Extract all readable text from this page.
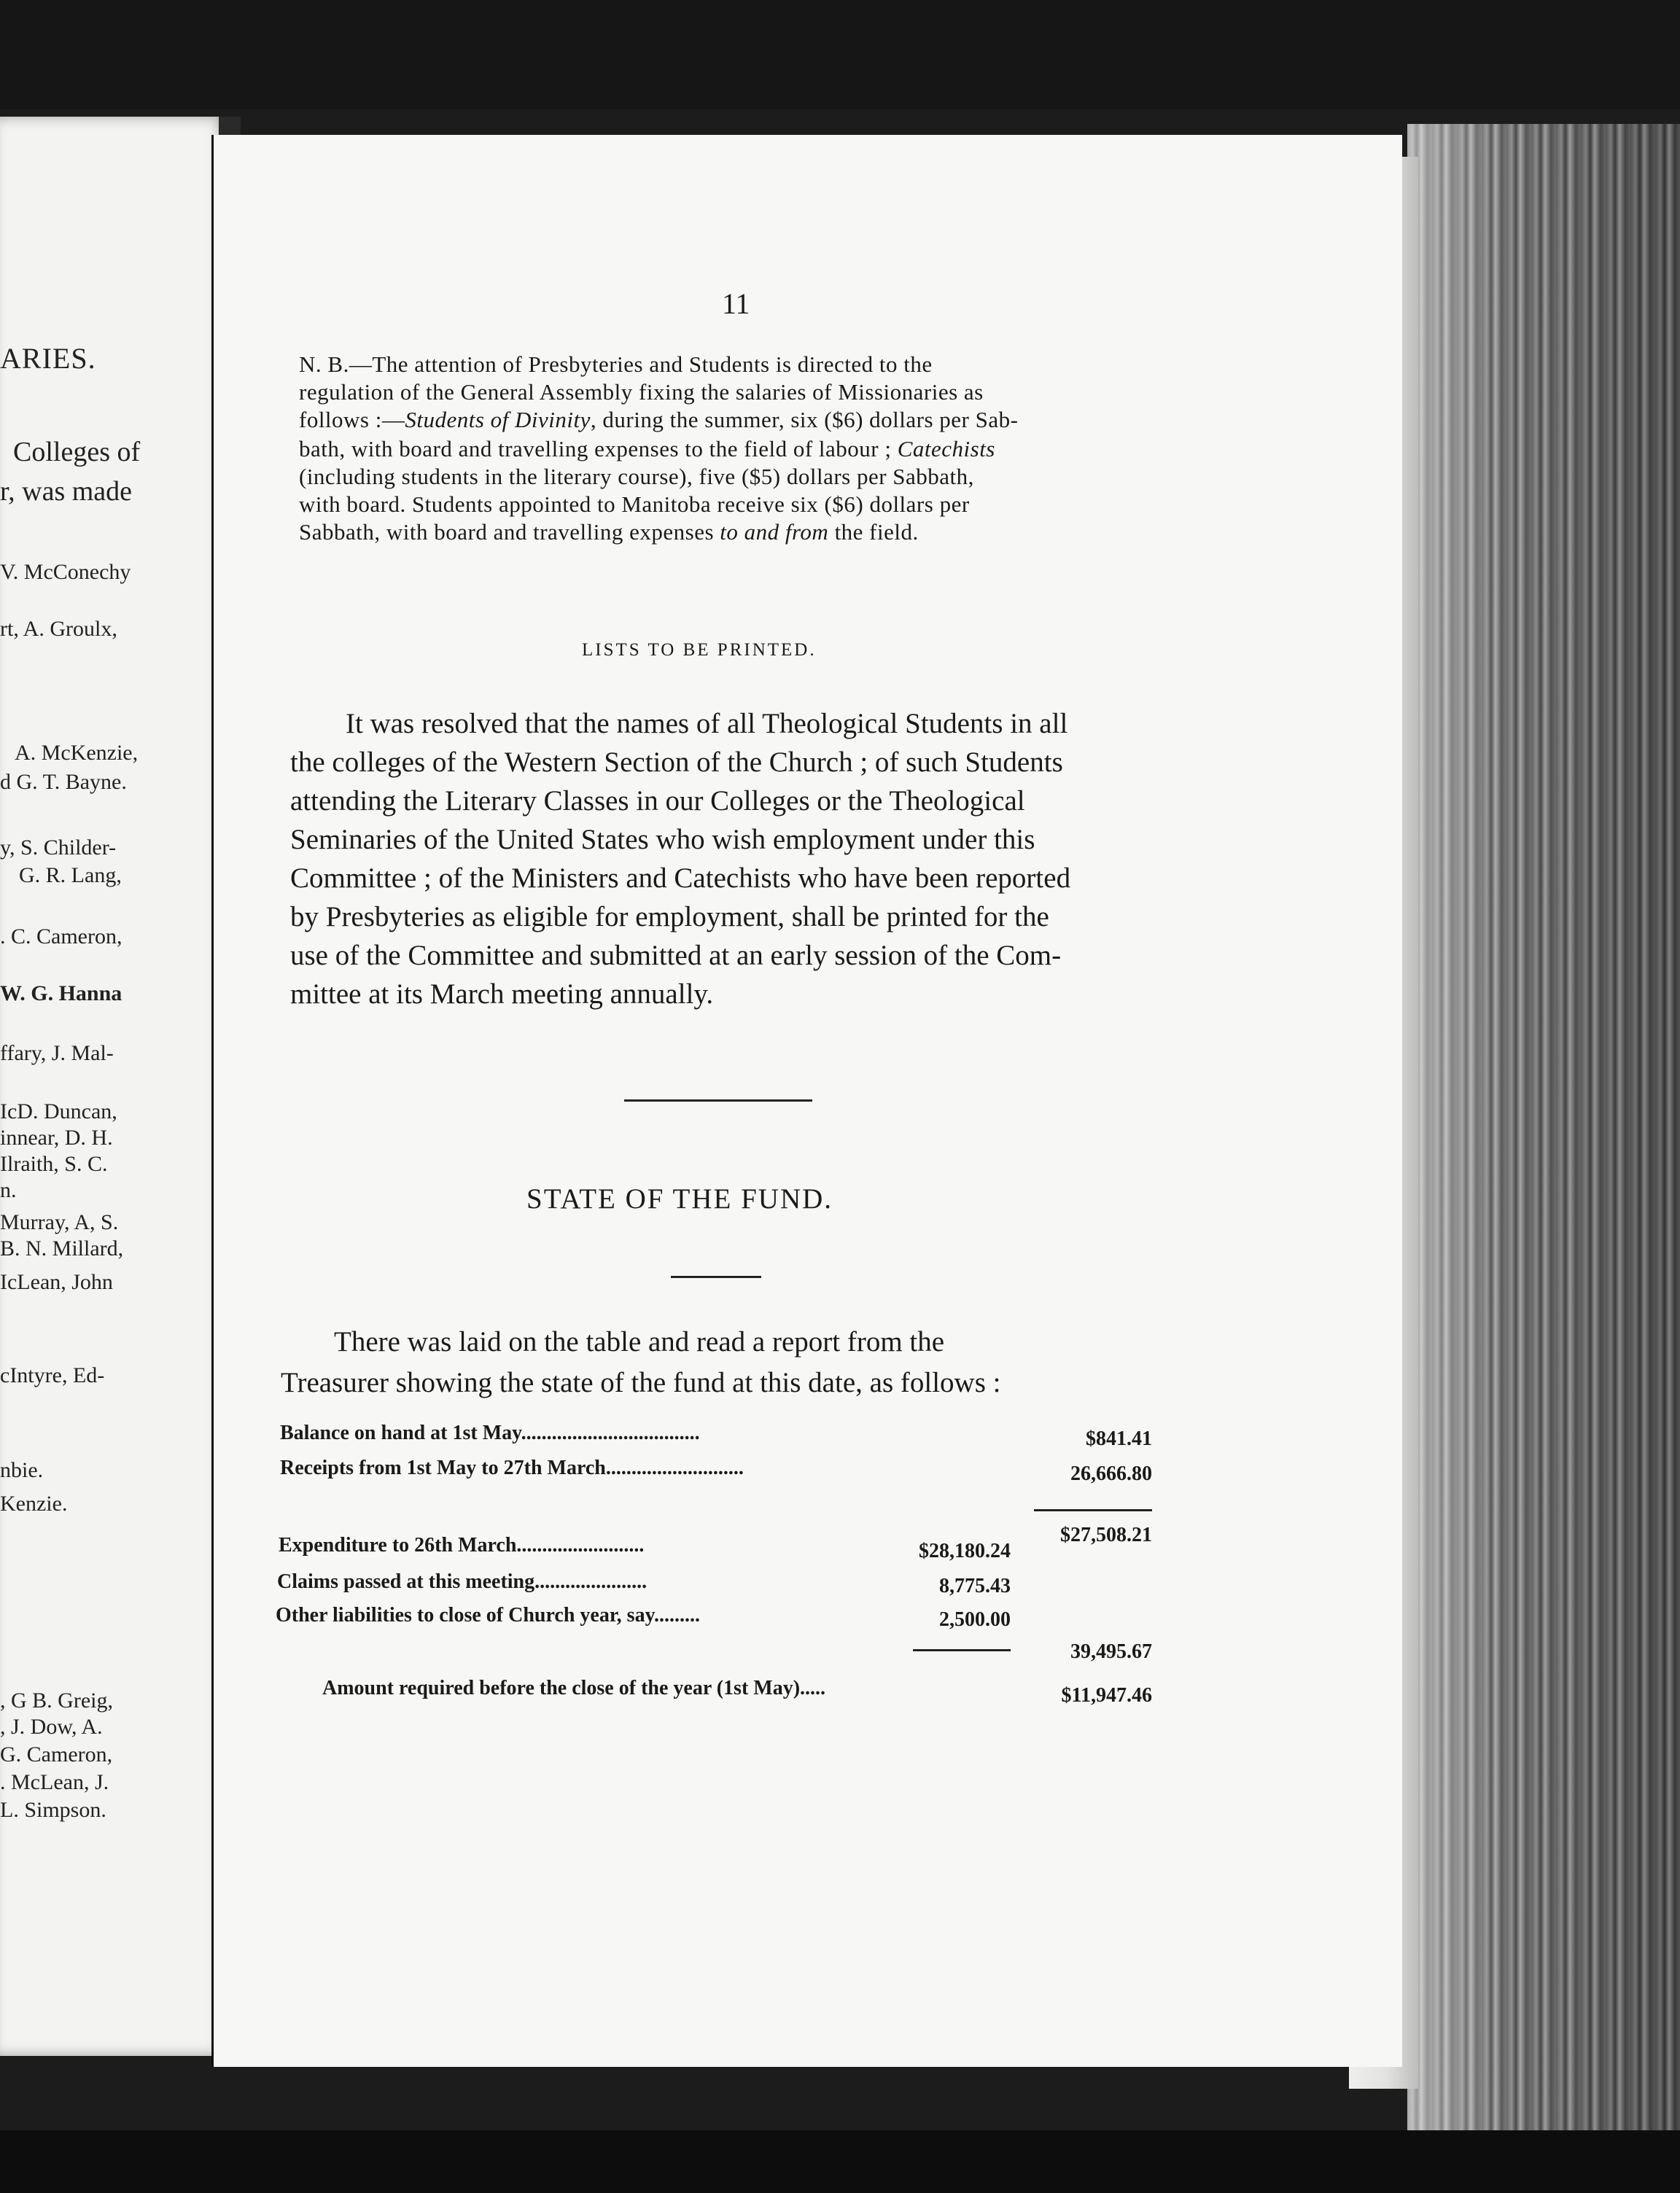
ARIES.
Colleges of
r, was made
V. McConechy
rt, A. Groulx,
A. McKenzie,
d G. T. Bayne.
y, S. Childer-
G. R. Lang,
. C. Cameron,
W. G. Hanna
ffary, J. Mal-
IcD. Duncan,
innear, D. H.
Ilraith, S. C.
n.
Murray, A, S.
B. N. Millard,
IcLean, John
cIntyre, Ed-
nbie.
Kenzie.
, G B. Greig,
, J. Dow, A.
G. Cameron,
. McLean, J.
L. Simpson.
11
N. B.—The attention of Presbyteries and Students is directed to the
regulation of the General Assembly fixing the salaries of Missionaries as
follows :—Students of Divinity, during the summer, six ($6) dollars per Sab-
bath, with board and travelling expenses to the field of labour ; Catechists
(including students in the literary course), five ($5) dollars per Sabbath,
with board. Students appointed to Manitoba receive six ($6) dollars per
Sabbath, with board and travelling expenses to and from the field.
LISTS TO BE PRINTED.
It was resolved that the names of all Theological Students in all
the colleges of the Western Section of the Church ; of such Students
attending the Literary Classes in our Colleges or the Theological
Seminaries of the United States who wish employment under this
Committee ; of the Ministers and Catechists who have been reported
by Presbyteries as eligible for employment, shall be printed for the
use of the Committee and submitted at an early session of the Com-
mittee at its March meeting annually.
STATE OF THE FUND.
There was laid on the table and read a report from the
Treasurer showing the state of the fund at this date, as follows :
Balance on hand at 1st May...................................	$841.41
Receipts from 1st May to 27th March...........................	26,666.80
$27,508.21
Expenditure to 26th March.........................	$28,180.24
Claims passed at this meeting......................	8,775.43
Other liabilities to close of Church year, say.........	2,500.00
39,495.67
Amount required before the close of the year (1st May).....	$11,947.46
